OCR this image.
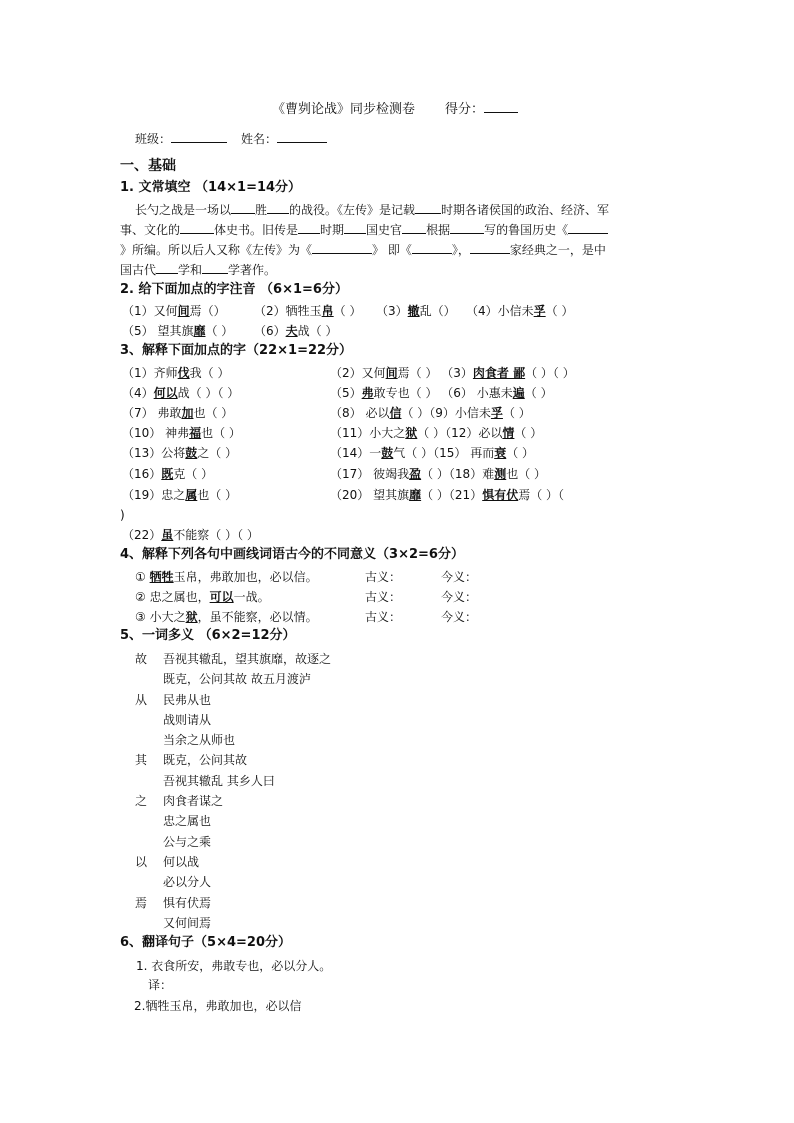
《曹刿论战》同步检测卷 得分：
班级：	姓名：
一、基础
1. 文常填空 （14×1=14分）
长勺之战是一场以 胜 的战役。《左传》是记载 时期各诸侯国的政治、经济、军
事、文化的	体史书。旧传是 时期 国史官 根据	写的鲁国历史《
》所编。所以后人又称《左传》为《	》 即《	》，	家经典之一，是中
国古代 学和 学著作。
2. 给下面加点的字注音 （6×1=6分）
（1）又何间焉（） （2）牺牲玉帛（ ） （3）辙乱（） （4）小信未孚（ ）
（5） 望其旗靡（ ） （6）夫战（ ）
3、解释下面加点的字（22×1=22分）
（1）齐师伐我（ ）	（2）又何间焉（ ） （3）肉食者 鄙（ ）（ ）
（4）何以战（ ）（ ）	（5）弗敢专也（ ） （6） 小惠未遍（ ）
（7） 弗敢加也（ ）	（8） 必以信（ ）（9）小信未孚（ ）
（10） 神弗福也（ ）	（11）小大之狱（ ）（12）必以情（ ）
（13）公将鼓之（ ）	（14）一鼓气（ ）（15） 再而衰（ ）
（16）既克（ ）	（17） 彼竭我盈（ ）（18）难测也（ ）
（19）忠之属也（ ）	（20） 望其旗靡（ ）（21）惧有伏焉（ ）（
)
（22）虽不能察（ ）（ ）
4、解释下列各句中画线词语古今的不同意义（3×2=6分）
① 牺牲玉帛，弗敢加也，必以信。	古义：	今义：
② 忠之属也，可以一战。	古义：	今义：
③ 小大之狱，虽不能察，必以情。	古义：	今义：
5、一词多义 （6×2=12分）
故 吾视其辙乱，望其旗靡，故逐之
既克，公问其故 故五月渡泸
从 民弗从也
战则请从
当余之从师也
其 既克，公问其故
吾视其辙乱 其乡人曰
之 肉食者谋之
忠之属也
公与之乘
以 何以战
必以分人
焉 惧有伏焉
又何间焉
6、翻译句子（5×4=20分）
1. 衣食所安，弗敢专也，必以分人。
译：
2.牺牲玉帛，弗敢加也，必以信
